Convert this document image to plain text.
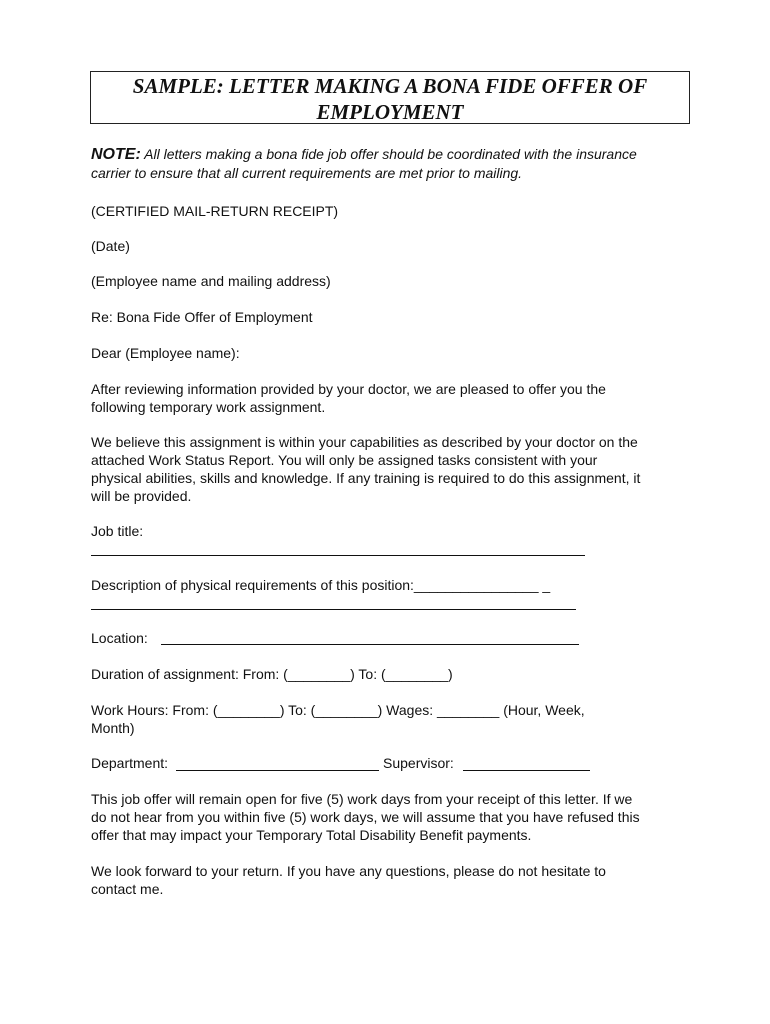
SAMPLE: LETTER MAKING A BONA FIDE OFFER OF
EMPLOYMENT
NOTE: All letters making a bona fide job offer should be coordinated with the insurance
carrier to ensure that all current requirements are met prior to mailing.
(CERTIFIED MAIL-RETURN RECEIPT)
(Date)
(Employee name and mailing address)
Re: Bona Fide Offer of Employment
Dear (Employee name):
After reviewing information provided by your doctor, we are pleased to offer you the
following temporary work assignment.
We believe this assignment is within your capabilities as described by your doctor on the
attached Work Status Report. You will only be assigned tasks consistent with your
physical abilities, skills and knowledge. If any training is required to do this assignment, it
will be provided.
Job title:
Description of physical requirements of this position:________________ _
Location:
Duration of assignment: From: (________) To: (________)
Work Hours: From: (________) To: (________) Wages: ________ (Hour, Week,
Month)
Department:	Supervisor:
This job offer will remain open for five (5) work days from your receipt of this letter. If we
do not hear from you within five (5) work days, we will assume that you have refused this
offer that may impact your Temporary Total Disability Benefit payments.
We look forward to your return. If you have any questions, please do not hesitate to
contact me.
